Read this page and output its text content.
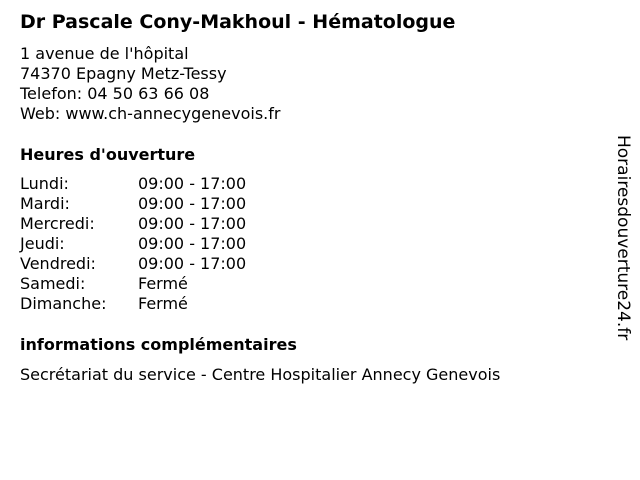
Dr Pascale Cony-Makhoul - Hématologue
1 avenue de l'hôpital
74370 Epagny Metz-Tessy
Telefon: 04 50 63 66 08
Web: www.ch-annecygenevois.fr
Heures d'ouverture
Lundi:	09:00 - 17:00
Mardi:	09:00 - 17:00
Mercredi:	09:00 - 17:00
Jeudi:	09:00 - 17:00
Vendredi:	09:00 - 17:00
Samedi:	Fermé
Dimanche: Fermé
informations complémentaires
Secrétariat du service - Centre Hospitalier Annecy Genevois
Horairesdouverture24.fr
